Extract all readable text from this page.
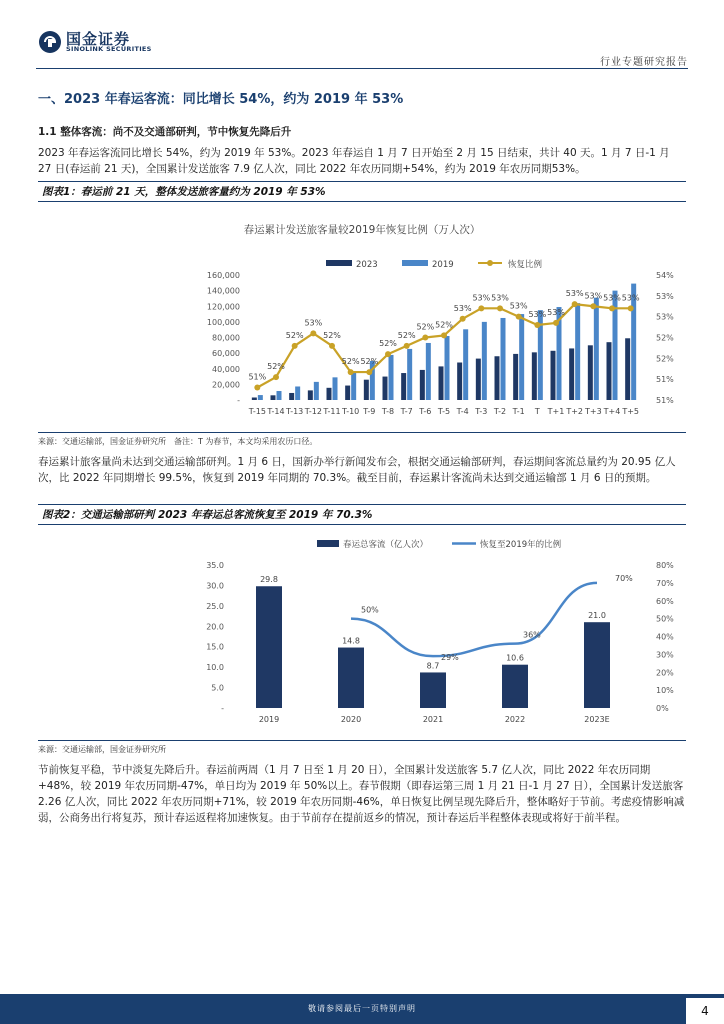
国金证券
SINOLINK SECURITIES
行业专题研究报告
一、2023 年春运客流：同比增长 54%，约为 2019 年 53%
1.1 整体客流：尚不及交通部研判，节中恢复先降后升
2023 年春运客流同比增长 54%，约为 2019 年 53%。2023 年春运自 1 月 7 日开始至 2 月 15 日结束，共计 40 天。1 月 7 日-1 月 27 日(春运前 21 天)，全国累计发送旅客 7.9 亿人次，同比 2022 年农历同期+54%，约为 2019 年农历同期53%。
图表1：春运前 21 天，整体发送旅客量约为 2019 年 53%
春运累计发送旅客量较2019年恢复比例（万人次）
2023	2019	恢复比例
-
20,000
40,000
60,000
80,000
100,000
120,000
140,000
160,000
51%
51%
52%
52%
53%
53%
54%
T-15 T-14 T-13 T-12 T-11 T-10 T-9 T-8 T-7 T-6 T-5 T-4 T-3 T-2 T-1 T T+1 T+2 T+3 T+4 T+5
51%
52%
52%
53%
52%
52% 52%
52%
52%
52% 52%
53%
53% 53%
53%
53% 53%
53% 53% 53% 53%
来源：交通运输部，国金证券研究所　备注：T 为春节，本文均采用农历口径。
春运累计旅客量尚未达到交通运输部研判。1 月 6 日，国新办举行新闻发布会，根据交通运输部研判，春运期间客流总量约为 20.95 亿人次，比 2022 年同期增长 99.5%，恢复到 2019 年同期的 70.3%。截至目前，春运累计客流尚未达到交通运输部 1 月 6 日的预期。
图表2：交通运输部研判 2023 年春运总客流恢复至 2019 年 70.3%
春运总客流（亿人次）	恢复至2019年的比例
-
5.0
10.0
15.0
20.0
25.0
30.0
35.0
0%
10%
20%
30%
40%
50%
60%
70%
80%
29.8
2019
14.8
2020
8.7
2021
10.6
2022
21.0
2023E
50%
29%
36%
70%
来源：交通运输部，国金证券研究所
节前恢复平稳，节中淡复先降后升。春运前两周（1 月 7 日至 1 月 20 日），全国累计发送旅客 5.7 亿人次，同比 2022 年农历同期+48%，较 2019 年农历同期-47%，单日均为 2019 年 50%以上。春节假期（即春运第三周 1 月 21 日-1 月 27 日），全国累计发送旅客 2.26 亿人次，同比 2022 年农历同期+71%，较 2019 年农历同期-46%，单日恢复比例呈现先降后升，整体略好于节前。考虑疫情影响减弱，公商务出行将复苏，预计春运返程将加速恢复。由于节前存在提前返乡的情况，预计春运后半程整体表现或将好于前半程。
敬请参阅最后一页特别声明	4
